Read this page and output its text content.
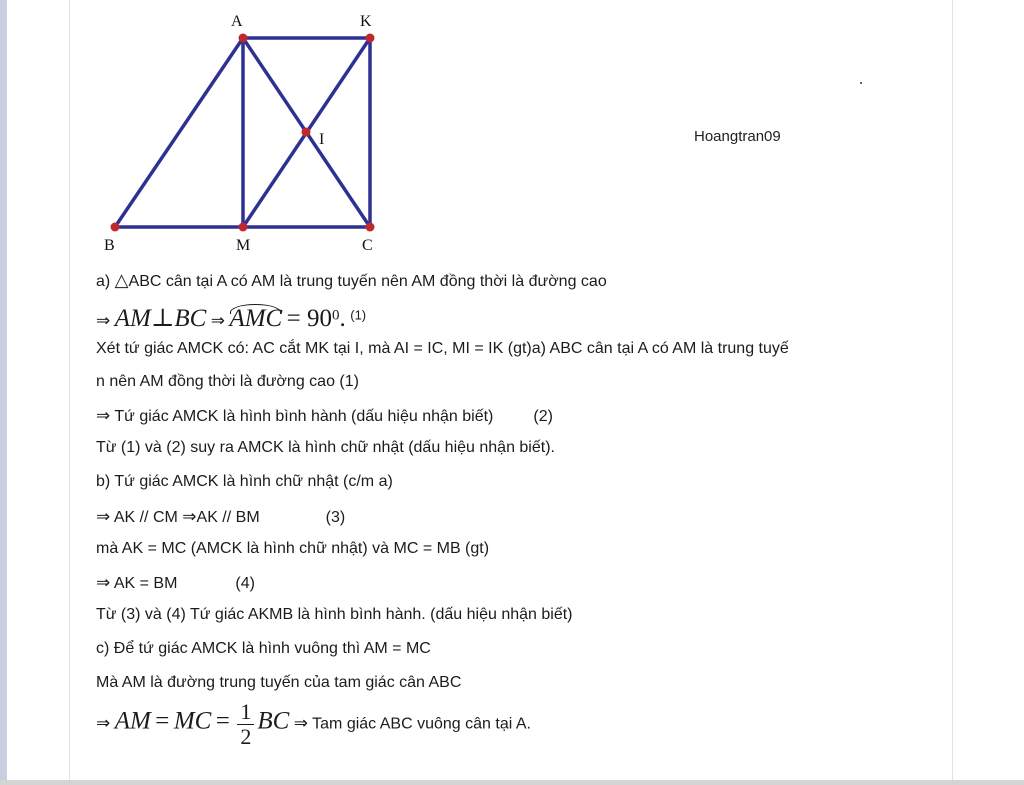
A	K
I
B	M	C
Hoangtran09
a) △ABC cân tại A có AM là trung tuyến nên AM đồng thời là đường cao
⇒ AM⊥BC ⇒ AMC = 900. $^{(1)}$
Xét tứ giác AMCK có: AC cắt MK tại I, mà AI = IC, MI = IK (gt)a) ABC cân tại A có AM là trung tuyế
n nên AM đồng thời là đường cao (1)
⇒ Tứ giác AMCK là hình bình hành (dấu hiệu nhận biết)	(2)
Từ (1) và (2) suy ra AMCK là hình chữ nhật (dấu hiệu nhận biết).
b) Tứ giác AMCK là hình chữ nhật (c/m a)
⇒ AK // CM ⇒AK // BM	(3)
mà AK = MC (AMCK là hình chữ nhật) và MC = MB (gt)
⇒ AK = BM	(4)
Từ (3) và (4) Tứ giác AKMB là hình bình hành. (dấu hiệu nhận biết)
c) Để tứ giác AMCK là hình vuông thì AM = MC
Mà AM là đường trung tuyến của tam giác cân ABC
⇒ AM = MC = $\frac{1}{2}$ BC ⇒ Tam giác ABC vuông cân tại A.
